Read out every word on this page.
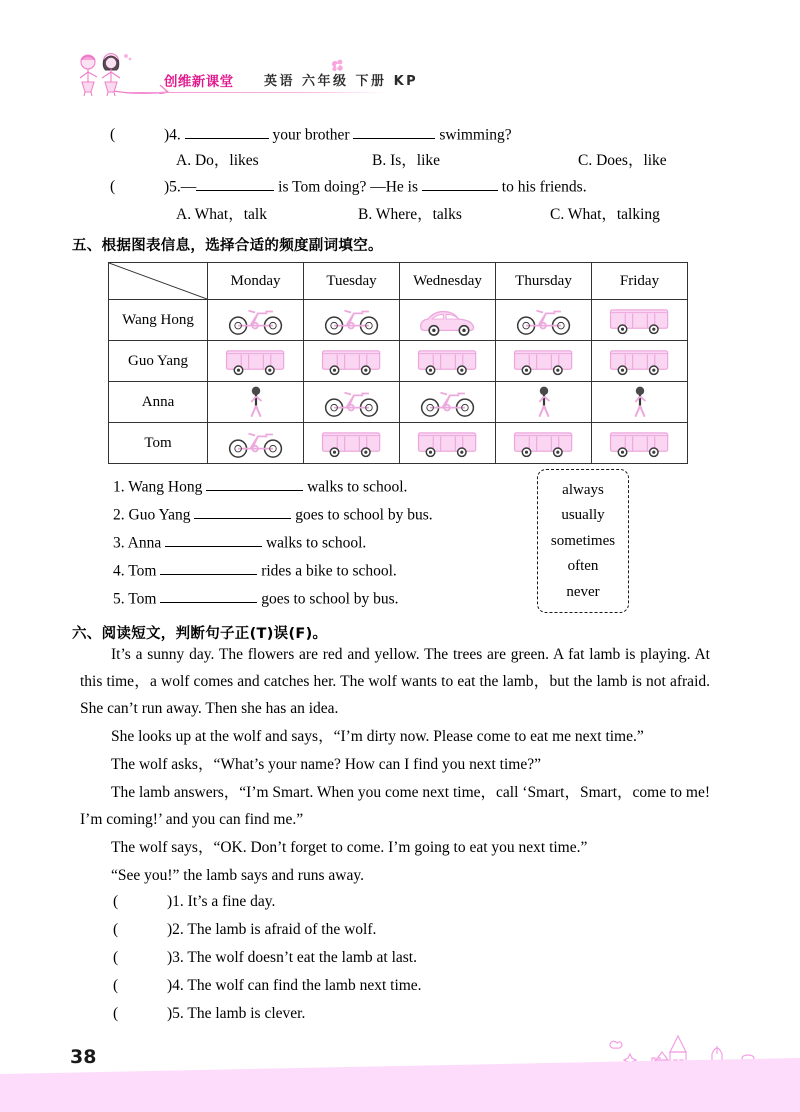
创维新课堂 英语 六年级 下册 KP
(	)4.	your brother	swimming?
A. Do，likes	B. Is，like	C. Does，like
(	)5.—	is Tom doing? —He is	to his friends.
A. What，talk	B. Where，talks	C. What，talking
五、根据图表信息，选择合适的频度副词填空。
	Monday	Tuesday	Wednesday	Thursday	Friday
Wang Hong	

Guo Yang	

Anna	

Tom	

1. Wang Hong	walks to school.
2. Guo Yang	goes to school by bus.
3. Anna	walks to school.
4. Tom	rides a bike to school.
5. Tom	goes to school by bus.
always
usually
sometimes
often
never
六、阅读短文，判断句子正(T)误(F)。

It’s a sunny day. The flowers are red and yellow. The trees are green. A fat lamb is playing. At this time，a wolf comes and catches her. The wolf wants to eat the lamb，but the lamb is not afraid. She can’t run away. Then she has an idea.

She looks up at the wolf and says，“I’m dirty now. Please come to eat me next time.”

The wolf asks，“What’s your name? How can I find you next time?”

The lamb answers，“I’m Smart. When you come next time，call ‘Smart，Smart，come to me! I’m coming!’ and you can find me.”

The wolf says，“OK. Don’t forget to come. I’m going to eat you next time.”

“See you!” the lamb says and runs away.

(	)1. It’s a fine day.
(	)2. The lamb is afraid of the wolf.
(	)3. The wolf doesn’t eat the lamb at last.
(	)4. The wolf can find the lamb next time.
(	)5. The lamb is clever.
38
